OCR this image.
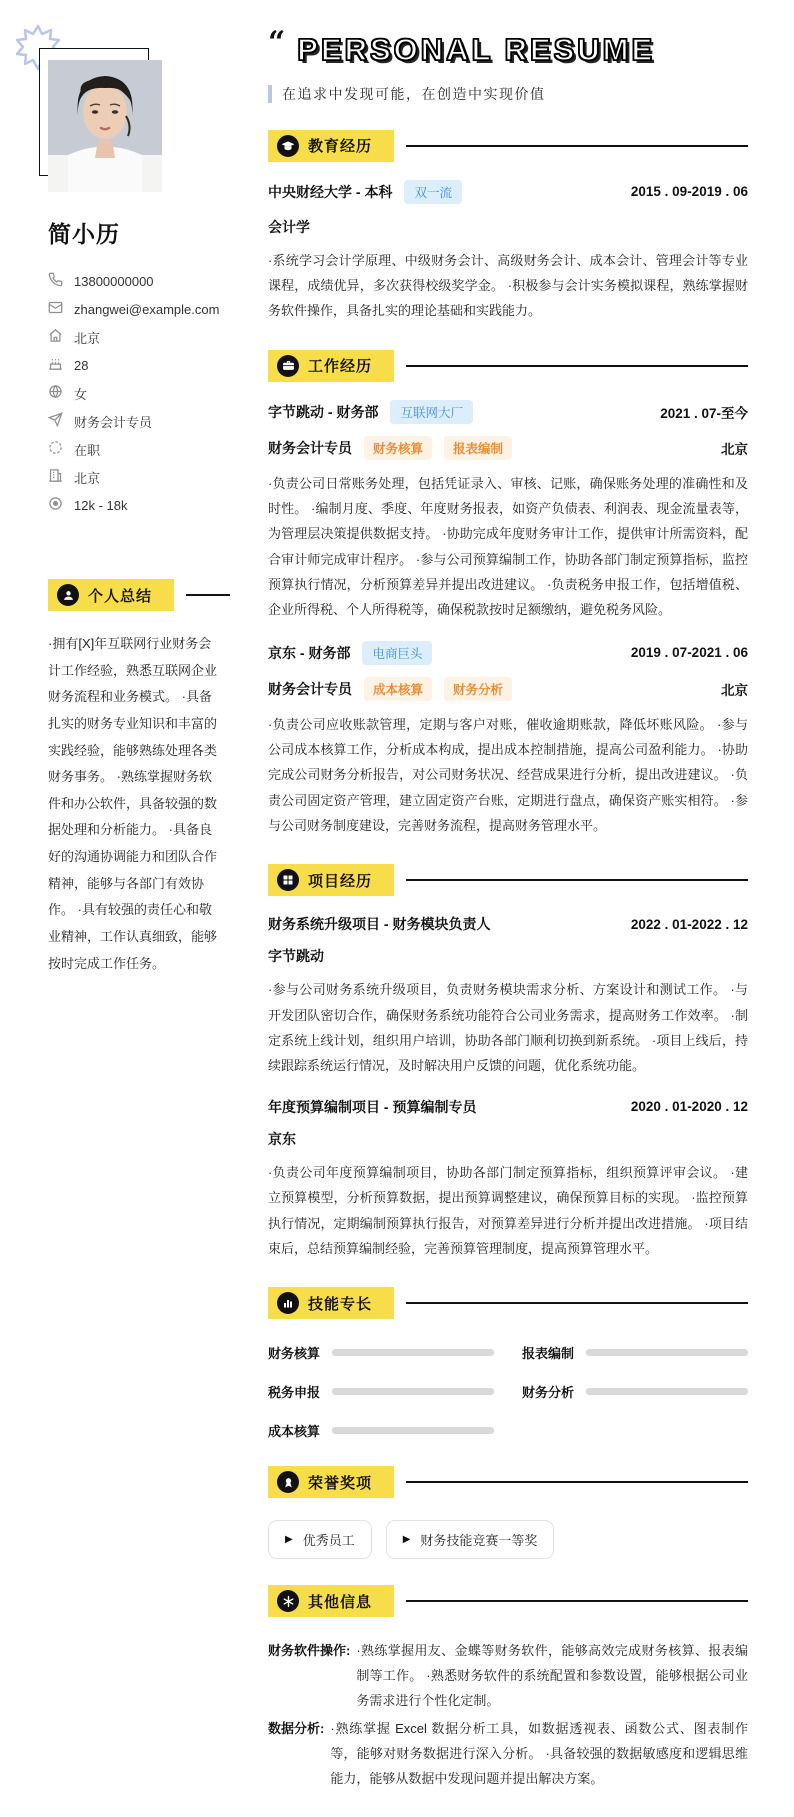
简小历
13800000000
zhangwei@example.com
北京
28
女
财务会计专员
在职
北京
12k - 18k
个人总结

·拥有[X]年互联网行业财务会计工作经验，熟悉互联网企业财务流程和业务模式。 ·具备扎实的财务专业知识和丰富的实践经验，能够熟练处理各类财务事务。 ·熟练掌握财务软件和办公软件，具备较强的数据处理和分析能力。 ·具备良好的沟通协调能力和团队合作精神，能够与各部门有效协作。 ·具有较强的责任心和敬业精神，工作认真细致，能够按时完成工作任务。

“ PERSONAL RESUME
在追求中发现可能，在创造中实现价值
教育经历
中央财经大学 - 本科	双一流	2015 . 09-2019 . 06
会计学

·系统学习会计学原理、中级财务会计、高级财务会计、成本会计、管理会计等专业课程，成绩优异，多次获得校级奖学金。 ·积极参与会计实务模拟课程，熟练掌握财务软件操作，具备扎实的理论基础和实践能力。

工作经历
字节跳动 - 财务部	互联网大厂	2021 . 07-至今
财务会计专员	财务核算	报表编制	北京

·负责公司日常账务处理，包括凭证录入、审核、记账，确保账务处理的准确性和及时性。 ·编制月度、季度、年度财务报表，如资产负债表、利润表、现金流量表等，为管理层决策提供数据支持。 ·协助完成年度财务审计工作，提供审计所需资料，配合审计师完成审计程序。 ·参与公司预算编制工作，协助各部门制定预算指标，监控预算执行情况，分析预算差异并提出改进建议。 ·负责税务申报工作，包括增值税、企业所得税、个人所得税等，确保税款按时足额缴纳，避免税务风险。

京东 - 财务部	电商巨头	2019 . 07-2021 . 06
财务会计专员	成本核算	财务分析	北京

·负责公司应收账款管理，定期与客户对账，催收逾期账款，降低坏账风险。 ·参与公司成本核算工作，分析成本构成，提出成本控制措施，提高公司盈利能力。 ·协助完成公司财务分析报告，对公司财务状况、经营成果进行分析，提出改进建议。 ·负责公司固定资产管理，建立固定资产台账，定期进行盘点，确保资产账实相符。 ·参与公司财务制度建设，完善财务流程，提高财务管理水平。

项目经历
财务系统升级项目 - 财务模块负责人	2022 . 01-2022 . 12
字节跳动

·参与公司财务系统升级项目，负责财务模块需求分析、方案设计和测试工作。 ·与开发团队密切合作，确保财务系统功能符合公司业务需求，提高财务工作效率。 ·制定系统上线计划，组织用户培训，协助各部门顺利切换到新系统。 ·项目上线后，持续跟踪系统运行情况，及时解决用户反馈的问题，优化系统功能。

年度预算编制项目 - 预算编制专员	2020 . 01-2020 . 12
京东

·负责公司年度预算编制项目，协助各部门制定预算指标，组织预算评审会议。 ·建立预算模型，分析预算数据，提出预算调整建议，确保预算目标的实现。 ·监控预算执行情况，定期编制预算执行报告，对预算差异进行分析并提出改进措施。 ·项目结束后，总结预算编制经验，完善预算管理制度，提高预算管理水平。

技能专长
财务核算	报表编制
税务申报	财务分析
成本核算
荣誉奖项
▶ 优秀员工	▶ 财务技能竞赛一等奖
其他信息
财务软件操作: ·熟练掌握用友、金蝶等财务软件，能够高效完成财务核算、报表编制等工作。 ·熟悉财务软件的系统配置和参数设置，能够根据公司业务需求进行个性化定制。

数据分析: ·熟练掌握 Excel 数据分析工具，如数据透视表、函数公式、图表制作等，能够对财务数据进行深入分析。 ·具备较强的数据敏感度和逻辑思维能力，能够从数据中发现问题并提出解决方案。
